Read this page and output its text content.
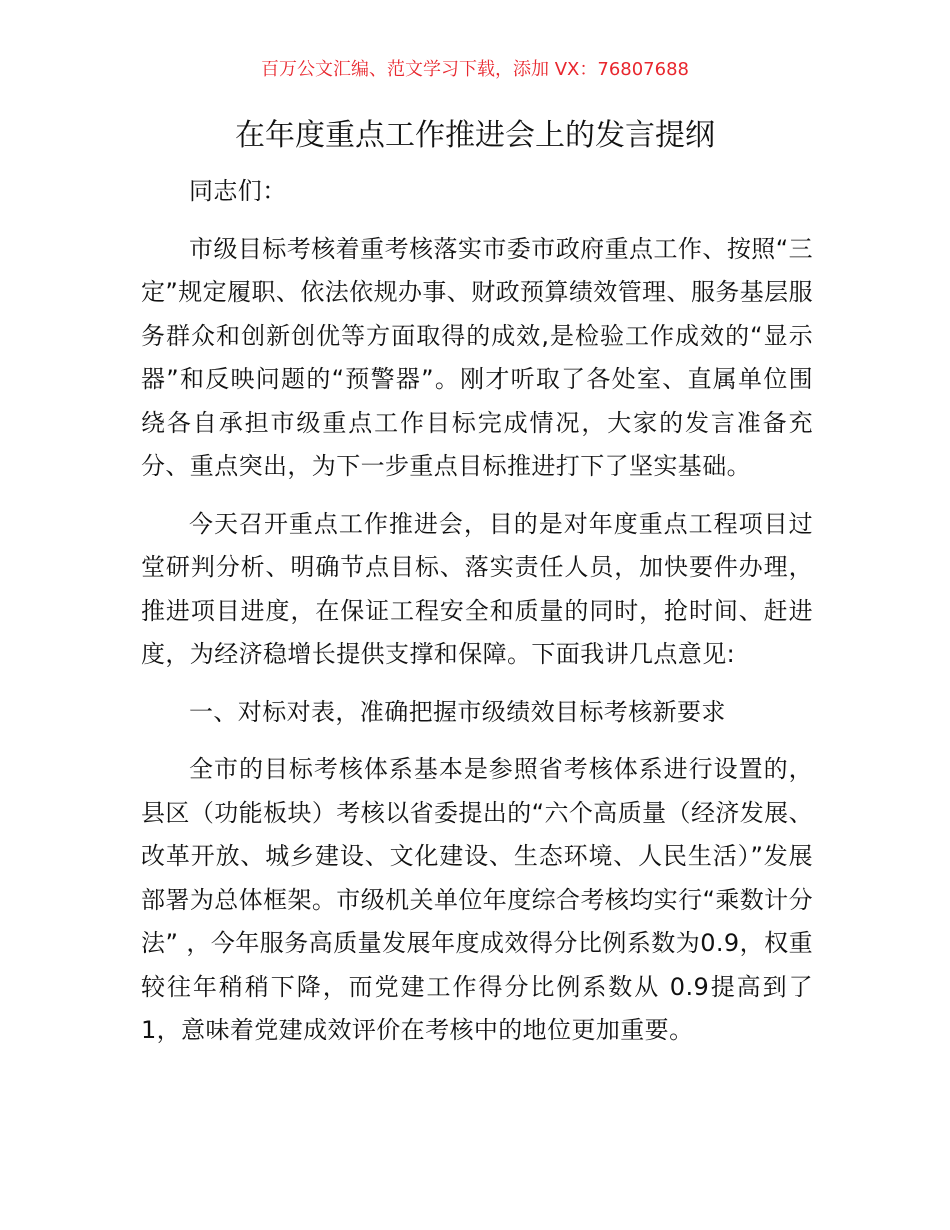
百万公文汇编、范文学习下载，添加 VX：76807688
在年度重点工作推进会上的发言提纲

同志们：

市级目标考核着重考核落实市委市政府重点工作、按照“三定”规定履职、依法依规办事、财政预算绩效管理、服务基层服务群众和创新创优等方面取得的成效,是检验工作成效的“显示器”和反映问题的“预警器”。刚才听取了各处室、直属单位围绕各自承担市级重点工作目标完成情况，大家的发言准备充分、重点突出，为下一步重点目标推进打下了坚实基础。

今天召开重点工作推进会，目的是对年度重点工程项目过堂研判分析、明确节点目标、落实责任人员，加快要件办理，推进项目进度，在保证工程安全和质量的同时，抢时间、赶进度，为经济稳增长提供支撑和保障。下面我讲几点意见:

一、对标对表，准确把握市级绩效目标考核新要求

全市的目标考核体系基本是参照省考核体系进行设置的，县区（功能板块）考核以省委提出的“六个高质量（经济发展、改革开放、城乡建设、文化建设、生态环境、人民生活）”发展部署为总体框架。市级机关单位年度综合考核均实行“乘数计分法” ，今年服务高质量发展年度成效得分比例系数为0.9，权重较往年稍稍下降，而党建工作得分比例系数从 0.9提高到了1，意味着党建成效评价在考核中的地位更加重要。
